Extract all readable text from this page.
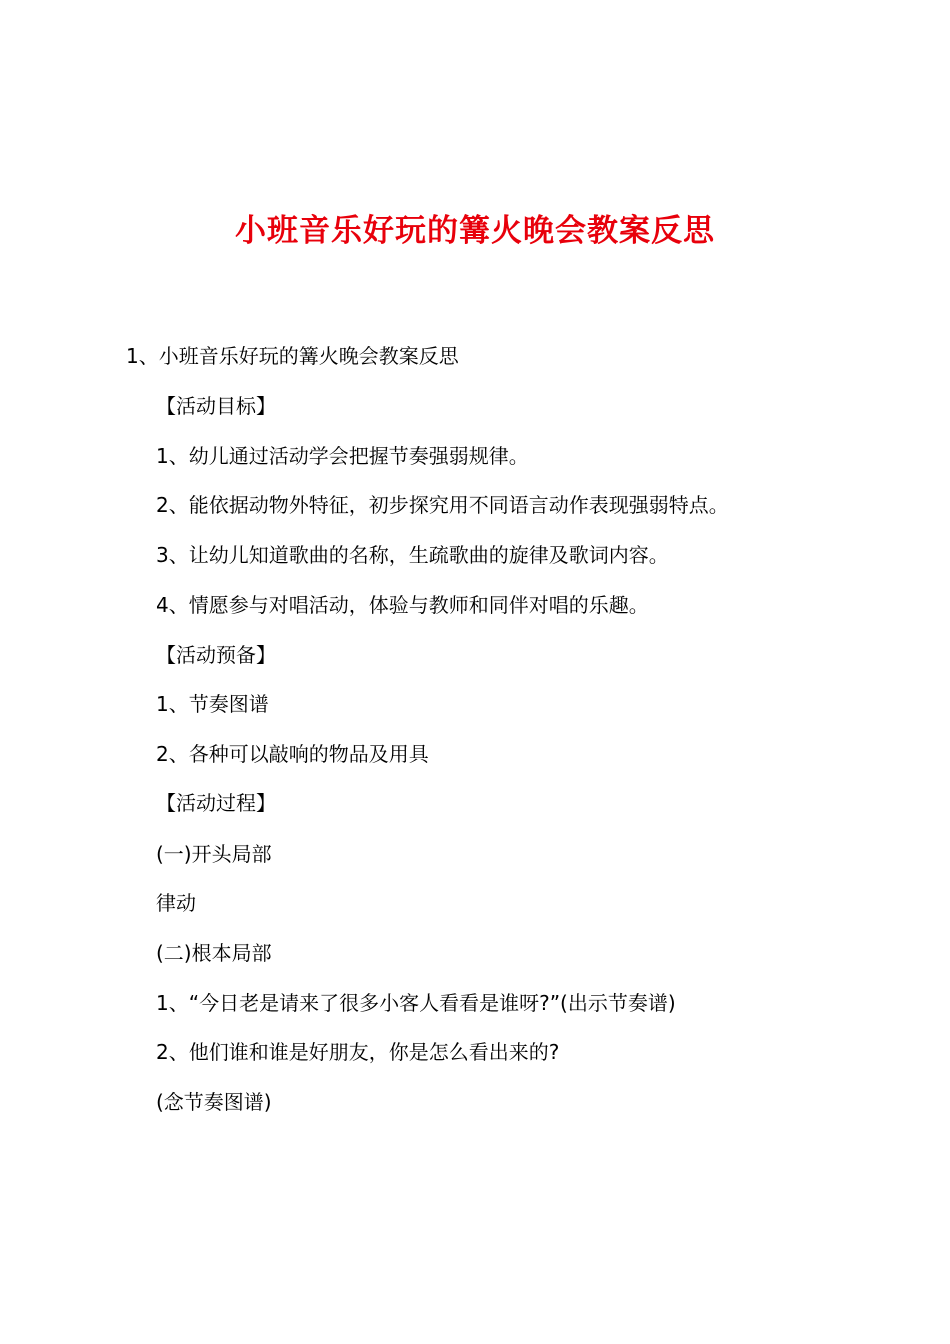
小班音乐好玩的篝火晚会教案反思
1、小班音乐好玩的篝火晚会教案反思
【活动目标】
1、幼儿通过活动学会把握节奏强弱规律。
2、能依据动物外特征，初步探究用不同语言动作表现强弱特点。
3、让幼儿知道歌曲的名称，生疏歌曲的旋律及歌词内容。
4、情愿参与对唱活动，体验与教师和同伴对唱的乐趣。
【活动预备】
1、节奏图谱
2、各种可以敲响的物品及用具
【活动过程】
(一)开头局部
律动
(二)根本局部
1、“今日老是请来了很多小客人看看是谁呀?”(出示节奏谱)
2、他们谁和谁是好朋友，你是怎么看出来的?
(念节奏图谱)
